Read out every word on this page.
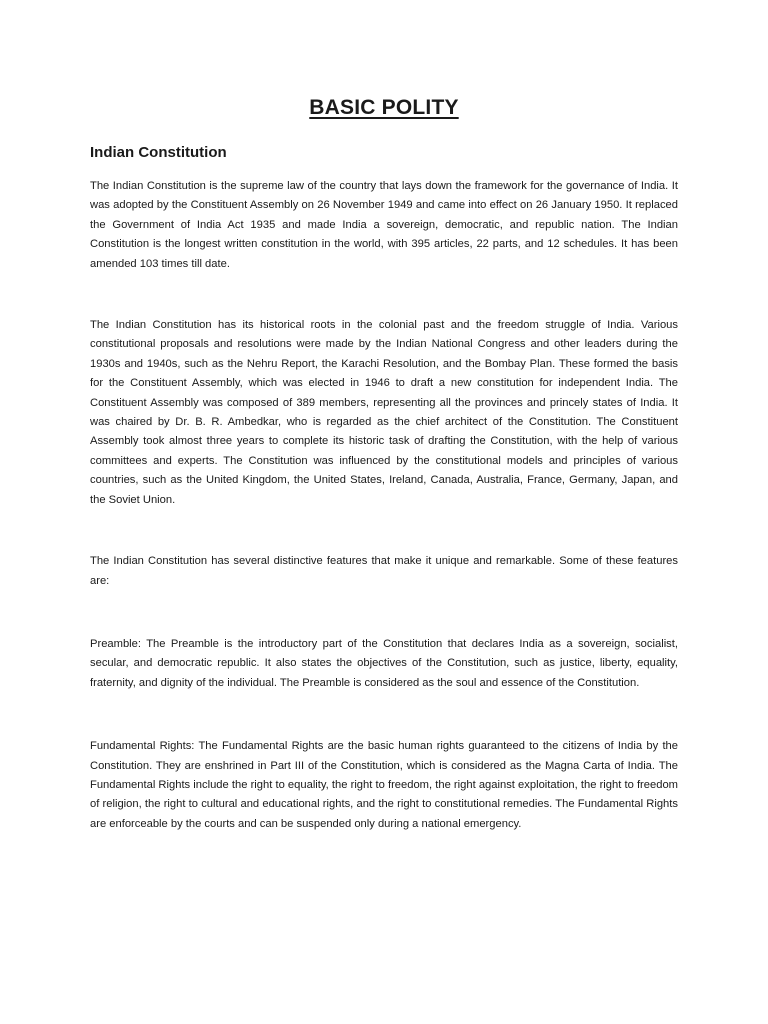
BASIC POLITY
Indian Constitution

The Indian Constitution is the supreme law of the country that lays down the framework for the governance of India. It was adopted by the Constituent Assembly on 26 November 1949 and came into effect on 26 January 1950. It replaced the Government of India Act 1935 and made India a sovereign, democratic, and republic nation. The Indian Constitution is the longest written constitution in the world, with 395 articles, 22 parts, and 12 schedules. It has been amended 103 times till date.

The Indian Constitution has its historical roots in the colonial past and the freedom struggle of India. Various constitutional proposals and resolutions were made by the Indian National Congress and other leaders during the 1930s and 1940s, such as the Nehru Report, the Karachi Resolution, and the Bombay Plan. These formed the basis for the Constituent Assembly, which was elected in 1946 to draft a new constitution for independent India. The Constituent Assembly was composed of 389 members, representing all the provinces and princely states of India. It was chaired by Dr. B. R. Ambedkar, who is regarded as the chief architect of the Constitution. The Constituent Assembly took almost three years to complete its historic task of drafting the Constitution, with the help of various committees and experts. The Constitution was influenced by the constitutional models and principles of various countries, such as the United Kingdom, the United States, Ireland, Canada, Australia, France, Germany, Japan, and the Soviet Union.

The Indian Constitution has several distinctive features that make it unique and remarkable. Some of these features are:

Preamble: The Preamble is the introductory part of the Constitution that declares India as a sovereign, socialist, secular, and democratic republic. It also states the objectives of the Constitution, such as justice, liberty, equality, fraternity, and dignity of the individual. The Preamble is considered as the soul and essence of the Constitution.

Fundamental Rights: The Fundamental Rights are the basic human rights guaranteed to the citizens of India by the Constitution. They are enshrined in Part III of the Constitution, which is considered as the Magna Carta of India. The Fundamental Rights include the right to equality, the right to freedom, the right against exploitation, the right to freedom of religion, the right to cultural and educational rights, and the right to constitutional remedies. The Fundamental Rights are enforceable by the courts and can be suspended only during a national emergency.
